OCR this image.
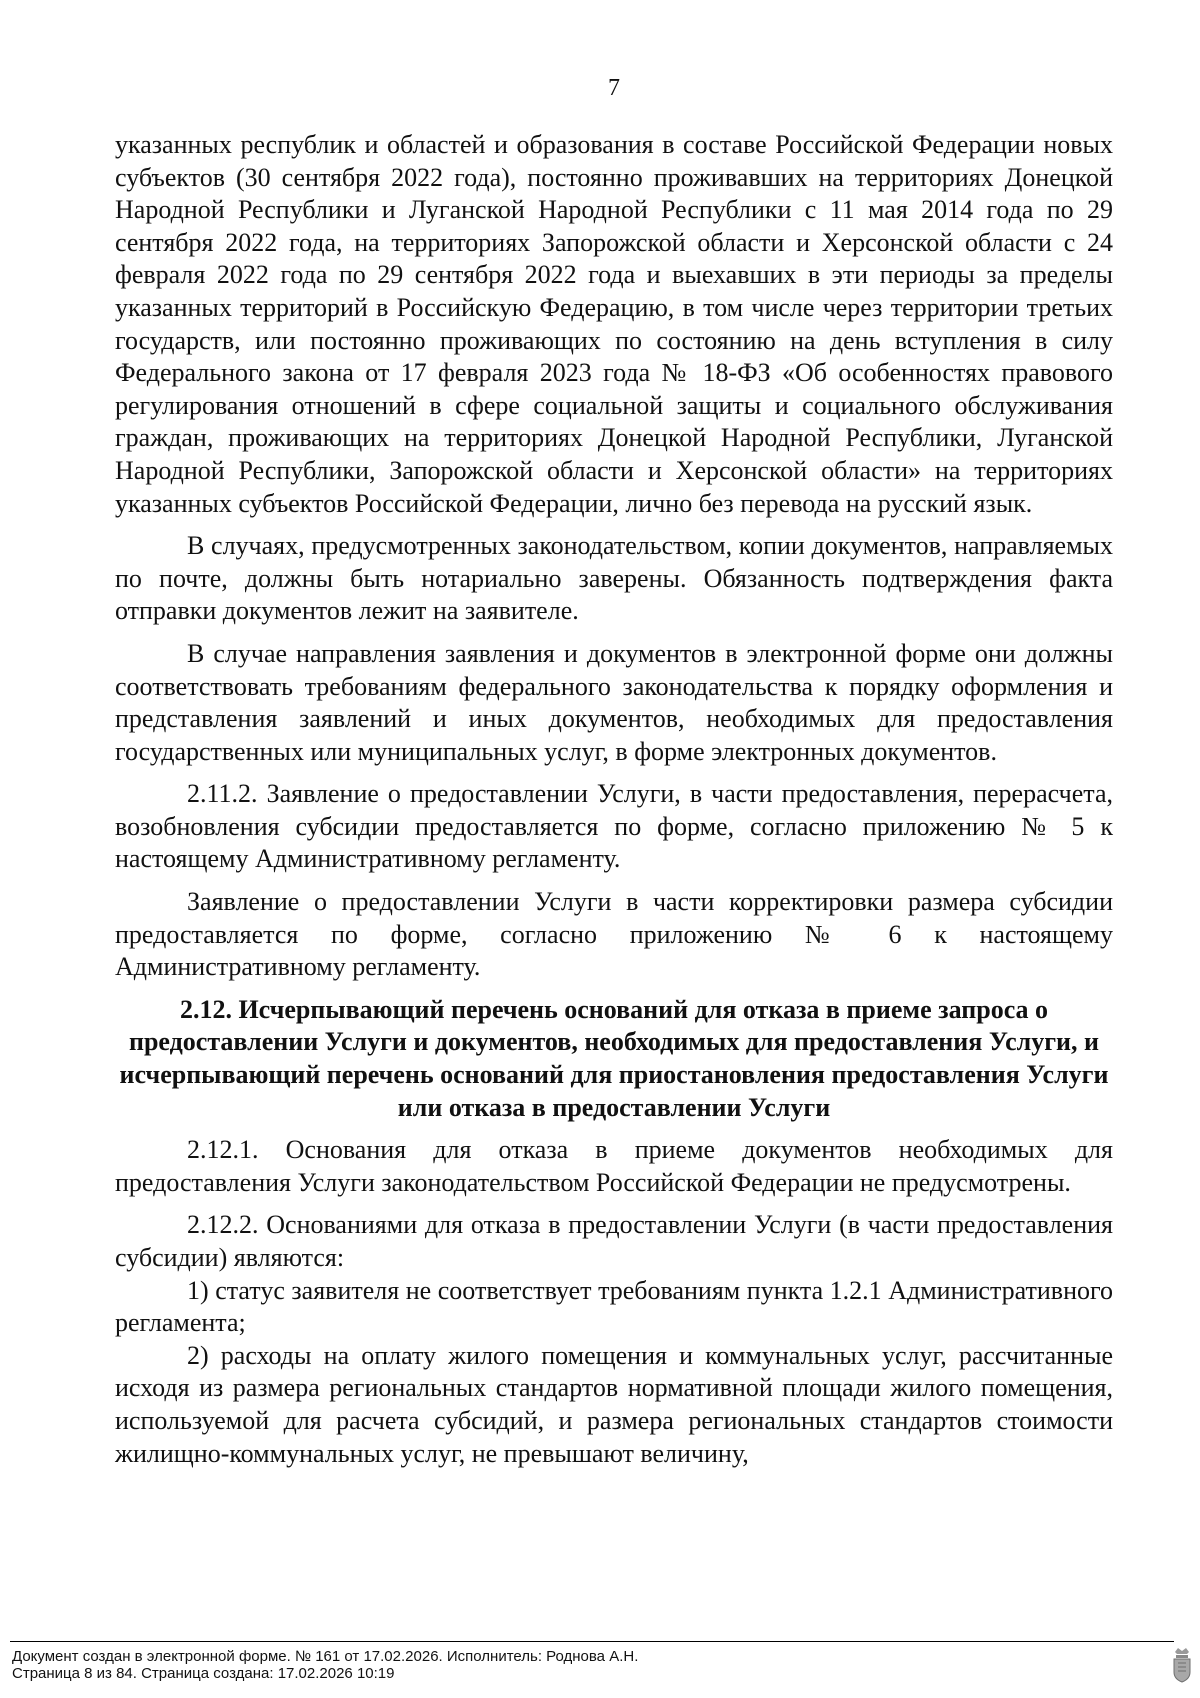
7

указанных республик и областей и образования в составе Российской Федерации новых субъектов (30 сентября 2022 года), постоянно проживавших на территориях Донецкой Народной Республики и Луганской Народной Республики с 11 мая 2014 года по 29 сентября 2022 года, на территориях Запорожской области и Херсонской области с 24 февраля 2022 года по 29 сентября 2022 года и выехавших в эти периоды за пределы указанных территорий в Российскую Федерацию, в том числе через территории третьих государств, или постоянно проживающих по состоянию на день вступления в силу Федерального закона от 17 февраля 2023 года № 18-ФЗ «Об особенностях правового регулирования отношений в сфере социальной защиты и социального обслуживания граждан, проживающих на территориях Донецкой Народной Республики, Луганской Народной Республики, Запорожской области и Херсонской области» на территориях указанных субъектов Российской Федерации, лично без перевода на русский язык.

В случаях, предусмотренных законодательством, копии документов, направляемых по почте, должны быть нотариально заверены. Обязанность подтверждения факта отправки документов лежит на заявителе.

В случае направления заявления и документов в электронной форме они должны соответствовать требованиям федерального законодательства к порядку оформления и представления заявлений и иных документов, необходимых для предоставления государственных или муниципальных услуг, в форме электронных документов.

2.11.2. Заявление о предоставлении Услуги, в части предоставления, перерасчета, возобновления субсидии предоставляется по форме, согласно приложению № 5 к настоящему Административному регламенту.

Заявление о предоставлении Услуги в части корректировки размера субсидии предоставляется по форме, согласно приложению № 6 к настоящему Административному регламенту.

2.12. Исчерпывающий перечень оснований для отказа в приеме запроса о предоставлении Услуги и документов, необходимых для предоставления Услуги, и исчерпывающий перечень оснований для приостановления предоставления Услуги или отказа в предоставлении Услуги

2.12.1. Основания для отказа в приеме документов необходимых для предоставления Услуги законодательством Российской Федерации не предусмотрены.

2.12.2. Основаниями для отказа в предоставлении Услуги (в части предоставления субсидии) являются:

1) статус заявителя не соответствует требованиям пункта 1.2.1 Административного регламента;

2) расходы на оплату жилого помещения и коммунальных услуг, рассчитанные исходя из размера региональных стандартов нормативной площади жилого помещения, используемой для расчета субсидий, и размера региональных стандартов стоимости жилищно-коммунальных услуг, не превышают величину,

Документ создан в электронной форме. № 161 от 17.02.2026. Исполнитель: Роднова А.Н.
Страница 8 из 84. Страница создана: 17.02.2026 10:19
